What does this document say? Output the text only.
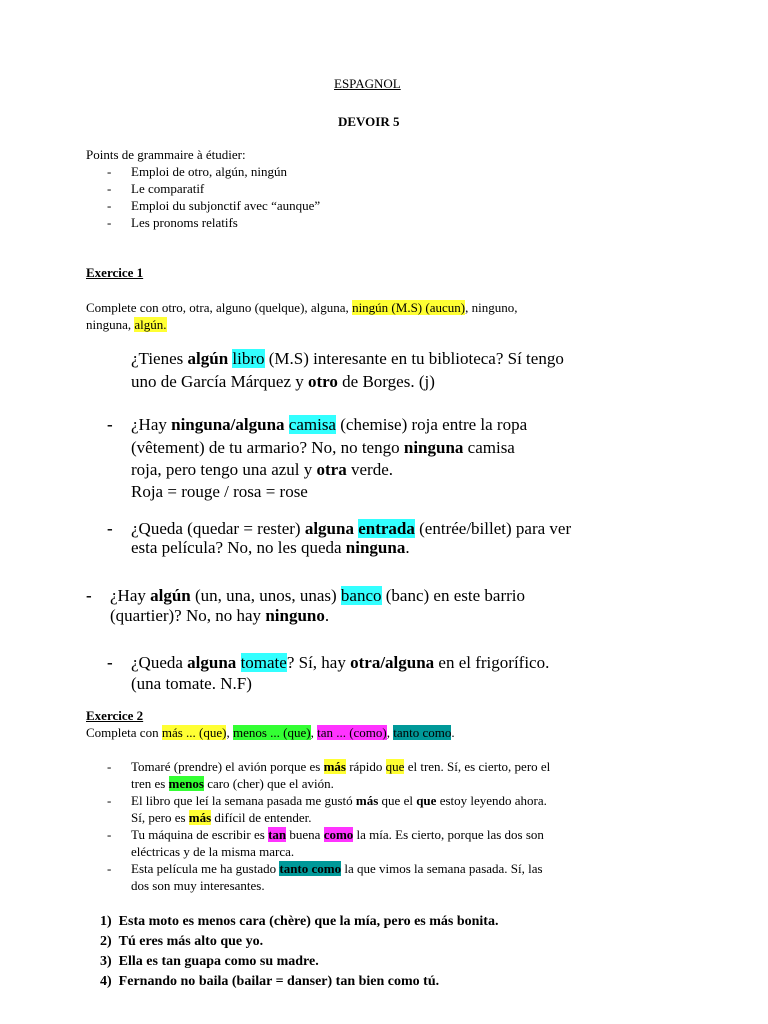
ESPAGNOL
DEVOIR 5
Points de grammaire à étudier:
- Emploi de otro, algún, ningún
- Le comparatif
- Emploi du subjonctif avec “aunque”
- Les pronoms relatifs
Exercice 1
Complete con otro, otra, alguno (quelque), alguna, ningún (M.S) (aucun), ninguno,
ninguna, algún.
¿Tienes algún libro (M.S) interesante en tu biblioteca? Sí tengo
uno de García Márquez y otro de Borges. (j)
- ¿Hay ninguna/alguna camisa (chemise) roja entre la ropa
(vêtement) de tu armario? No, no tengo ninguna camisa
roja, pero tengo una azul y otra verde.
Roja = rouge / rosa = rose
- ¿Queda (quedar = rester) alguna entrada (entrée/billet) para ver
esta película? No, no les queda ninguna.
- ¿Hay algún (un, una, unos, unas) banco (banc) en este barrio
(quartier)? No, no hay ninguno.
- ¿Queda alguna tomate? Sí, hay otra/alguna en el frigorífico.
(una tomate. N.F)
Exercice 2
Completa con más ... (que), menos ... (que), tan ... (como), tanto como.
- Tomaré (prendre) el avión porque es más rápido que el tren. Sí, es cierto, pero el
tren es menos caro (cher) que el avión.
- El libro que leí la semana pasada me gustó más que el que estoy leyendo ahora.
Sí, pero es más difícil de entender.
- Tu máquina de escribir es tan buena como la mía. Es cierto, porque las dos son
eléctricas y de la misma marca.
- Esta película me ha gustado tanto como la que vimos la semana pasada. Sí, las
dos son muy interesantes.
1) Esta moto es menos cara (chère) que la mía, pero es más bonita.
2) Tú eres más alto que yo.
3) Ella es tan guapa como su madre.
4) Fernando no baila (bailar = danser) tan bien como tú.
